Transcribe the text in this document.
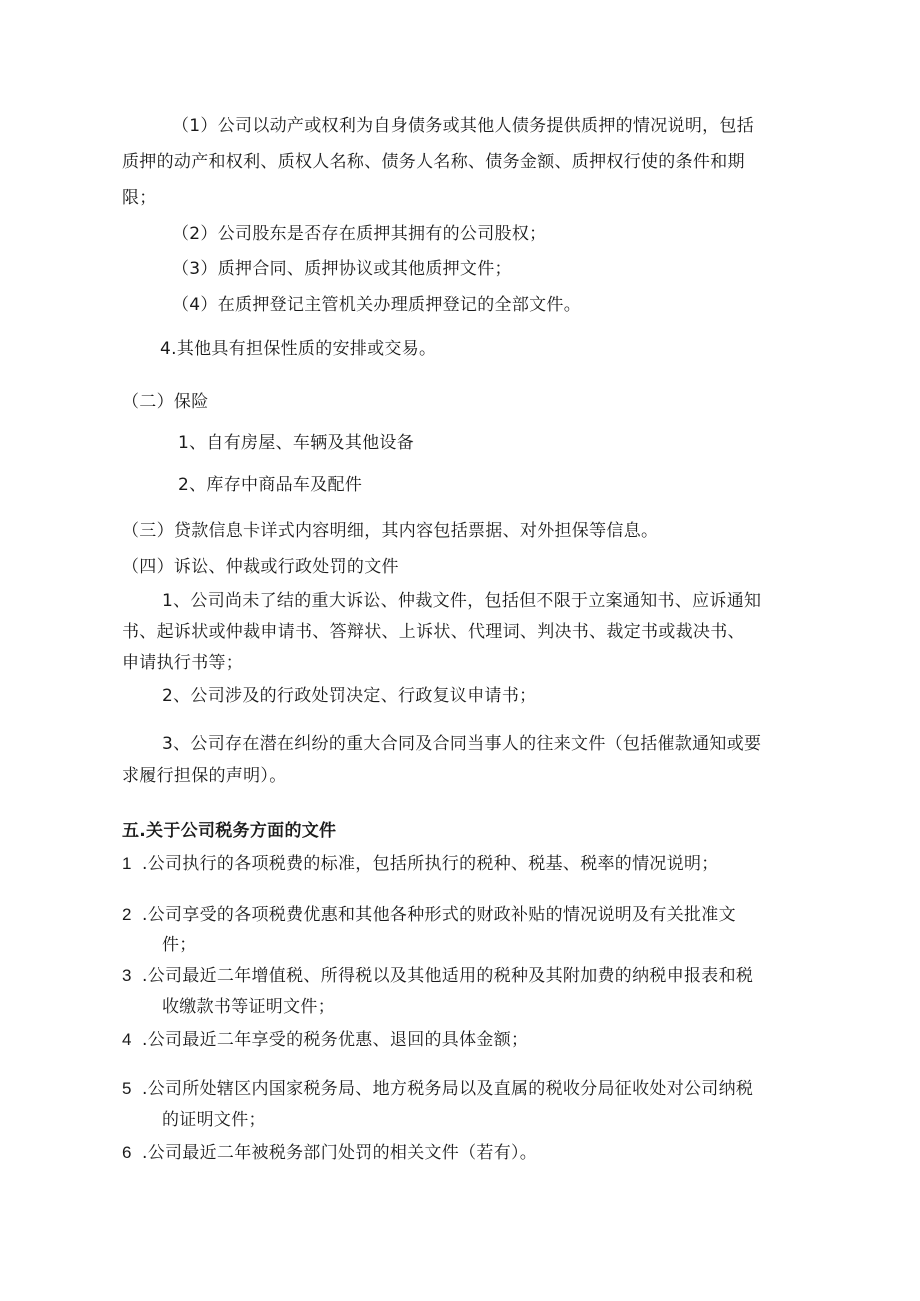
（1）公司以动产或权利为自身债务或其他人债务提供质押的情况说明，包括
质押的动产和权利、质权人名称、债务人名称、债务金额、质押权行使的条件和期
限；
（2）公司股东是否存在质押其拥有的公司股权；
（3）质押合同、质押协议或其他质押文件；
（4）在质押登记主管机关办理质押登记的全部文件。
4.其他具有担保性质的安排或交易。
（二）保险
1、自有房屋、车辆及其他设备
2、库存中商品车及配件
（三）贷款信息卡详式内容明细，其内容包括票据、对外担保等信息。
（四）诉讼、仲裁或行政处罚的文件
1、公司尚未了结的重大诉讼、仲裁文件，包括但不限于立案通知书、应诉通知
书、起诉状或仲裁申请书、答辩状、上诉状、代理词、判决书、裁定书或裁决书、
申请执行书等；
2、公司涉及的行政处罚决定、行政复议申请书；
3、公司存在潜在纠纷的重大合同及合同当事人的往来文件（包括催款通知或要
求履行担保的声明）。
五.关于公司税务方面的文件
1 .公司执行的各项税费的标准，包括所执行的税种、税基、税率的情况说明；
2 .公司享受的各项税费优惠和其他各种形式的财政补贴的情况说明及有关批准文
件；
3 .公司最近二年增值税、所得税以及其他适用的税种及其附加费的纳税申报表和税
收缴款书等证明文件；
4 .公司最近二年享受的税务优惠、退回的具体金额；
5 .公司所处辖区内国家税务局、地方税务局以及直属的税收分局征收处对公司纳税
的证明文件；
6 .公司最近二年被税务部门处罚的相关文件（若有）。
